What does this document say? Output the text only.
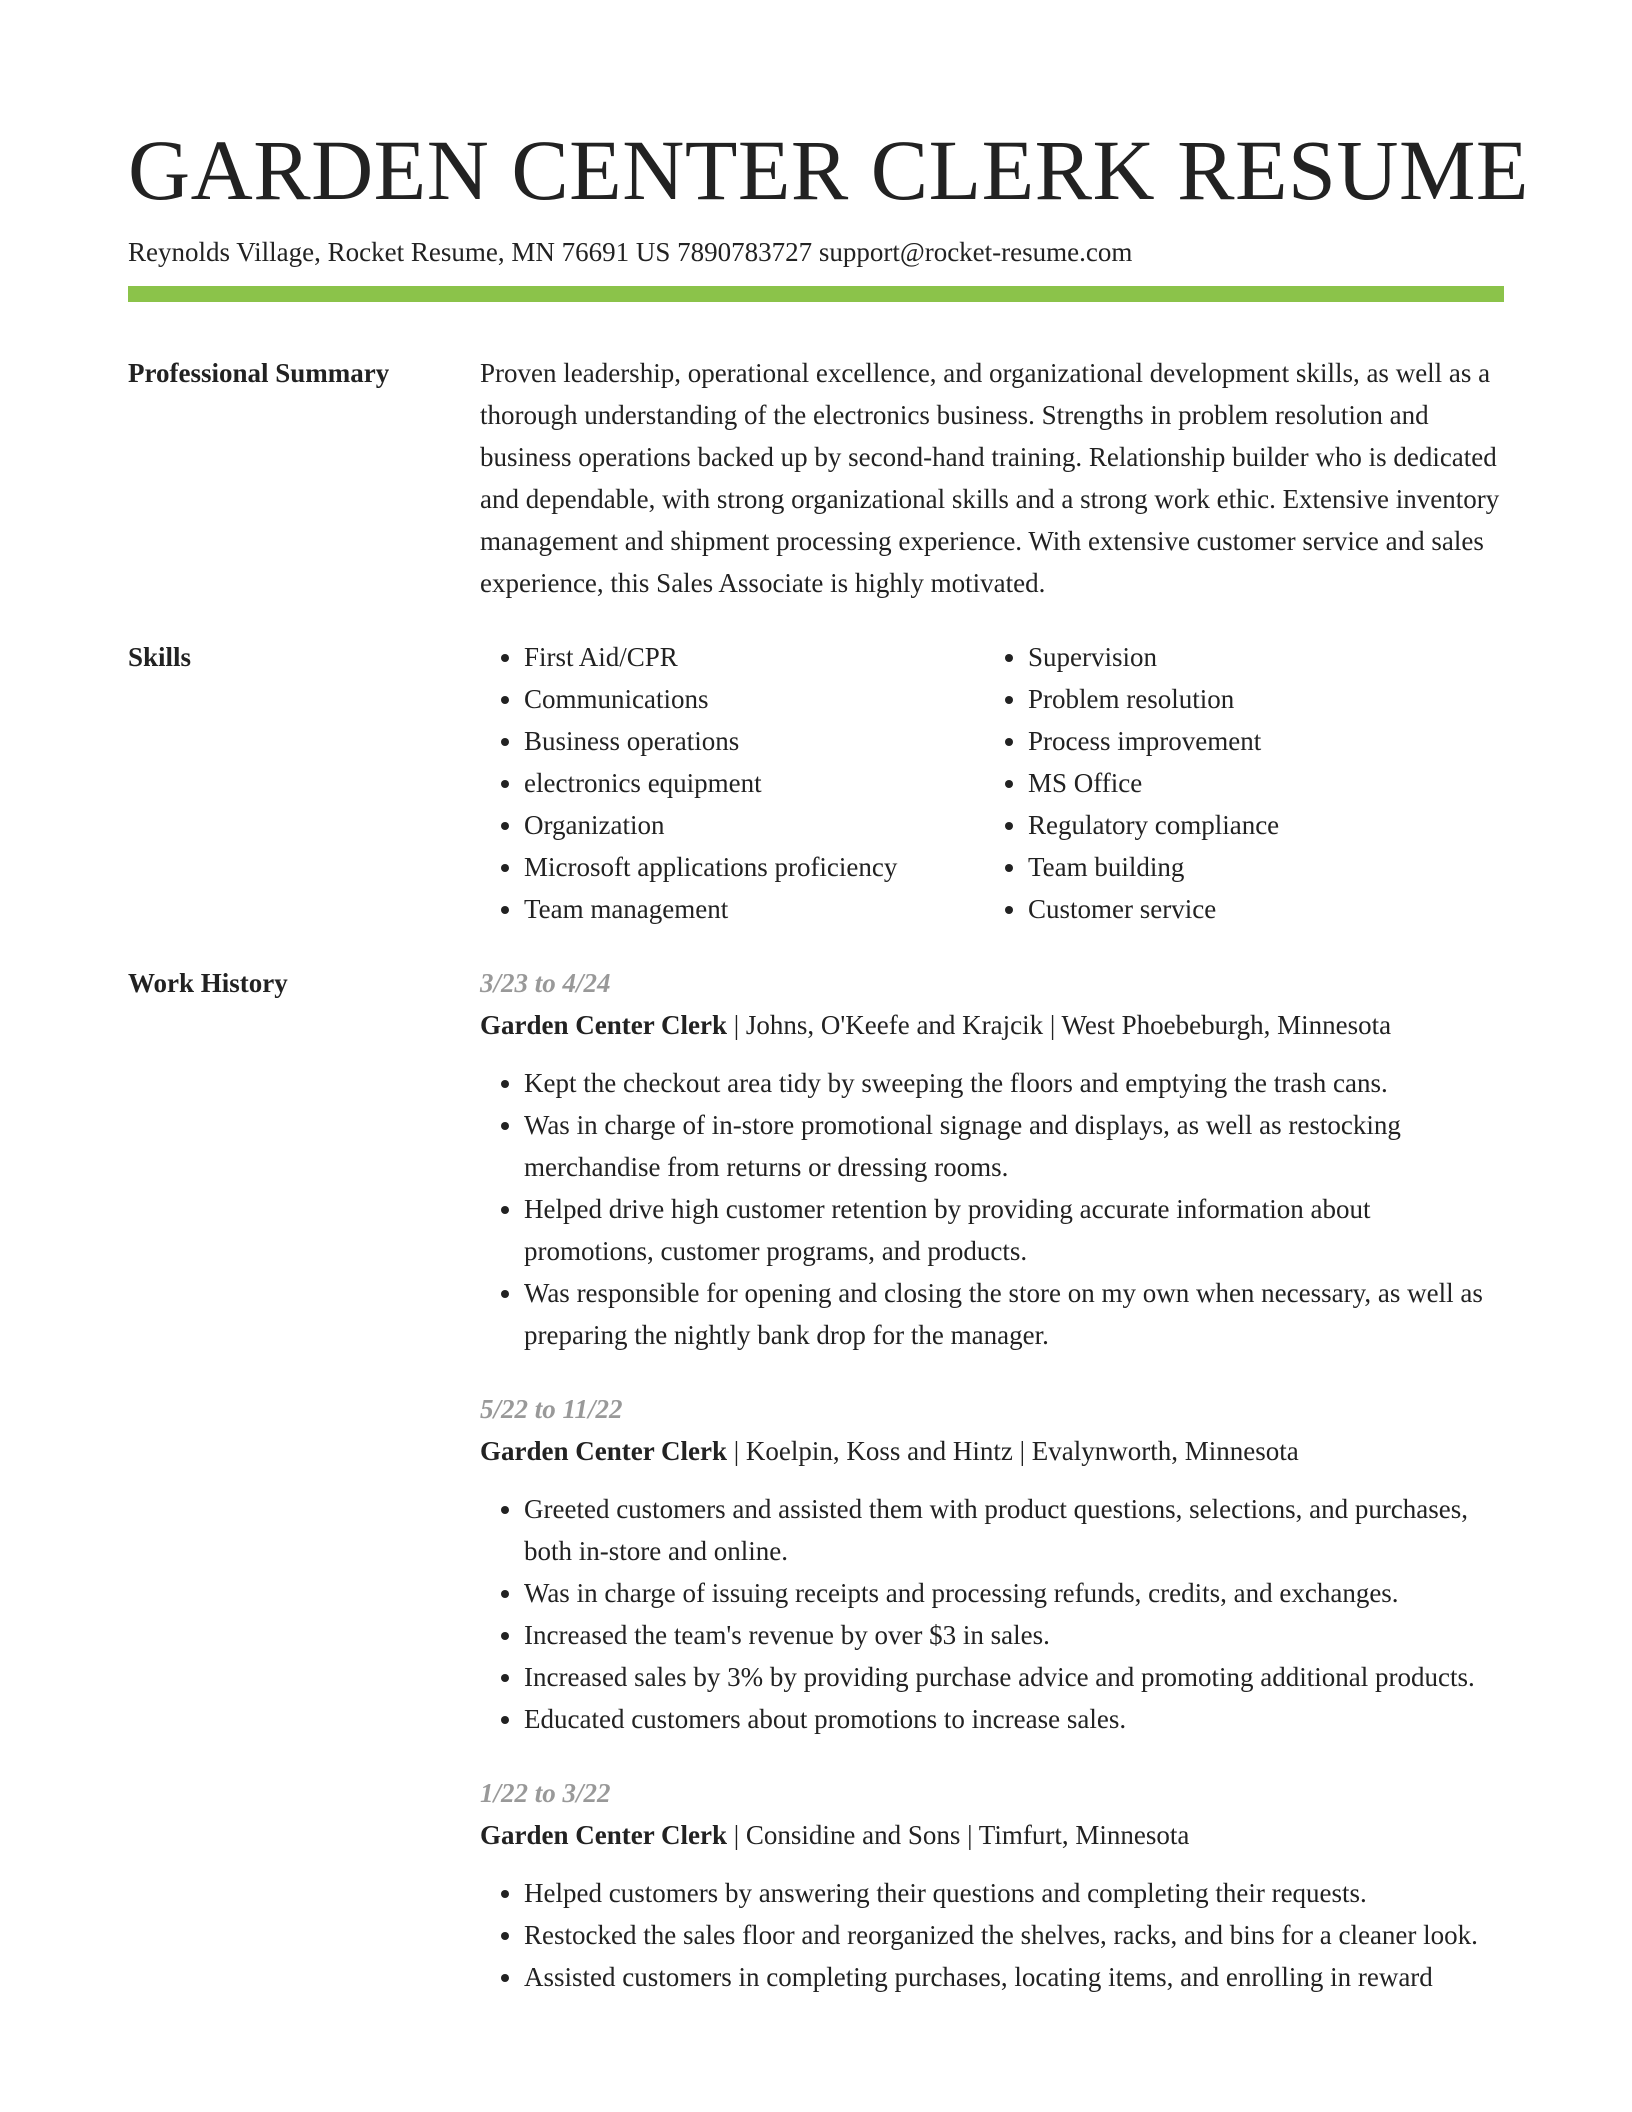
GARDEN CENTER CLERK RESUME
Reynolds Village, Rocket Resume, MN 76691 US 7890783727 support@rocket-resume.com
Professional Summary	Proven leadership, operational excellence, and organizational development skills, as well as a thorough understanding of the electronics business. Strengths in problem resolution and business operations backed up by second-hand training. Relationship builder who is dedicated and dependable, with strong organizational skills and a strong work ethic. Extensive inventory management and shipment processing experience. With extensive customer service and sales experience, this Sales Associate is highly motivated.

Skills
•	First Aid/CPR
• Communications
• Business operations
• electronics equipment
• Organization
• Microsoft applications proficiency
• Team management
• Supervision
• Problem resolution
• Process improvement
• MS Office
• Regulatory compliance
• Team building
• Customer service
Work History	3/23 to 4/24
Garden Center Clerk | Johns, O'Keefe and Krajcik | West Phoebeburgh, Minnesota
• Kept the checkout area tidy by sweeping the floors and emptying the trash cans.
• Was in charge of in-store promotional signage and displays, as well as restocking merchandise from returns or dressing rooms.
• Helped drive high customer retention by providing accurate information about promotions, customer programs, and products.
• Was responsible for opening and closing the store on my own when necessary, as well as preparing the nightly bank drop for the manager.
5/22 to 11/22
Garden Center Clerk | Koelpin, Koss and Hintz | Evalynworth, Minnesota
• Greeted customers and assisted them with product questions, selections, and purchases, both in-store and online.
• Was in charge of issuing receipts and processing refunds, credits, and exchanges.
• Increased the team's revenue by over $3 in sales.
• Increased sales by 3% by providing purchase advice and promoting additional products.
• Educated customers about promotions to increase sales.
1/22 to 3/22
Garden Center Clerk | Considine and Sons | Timfurt, Minnesota
• Helped customers by answering their questions and completing their requests.
• Restocked the sales floor and reorganized the shelves, racks, and bins for a cleaner look.
• Assisted customers in completing purchases, locating items, and enrolling in reward
